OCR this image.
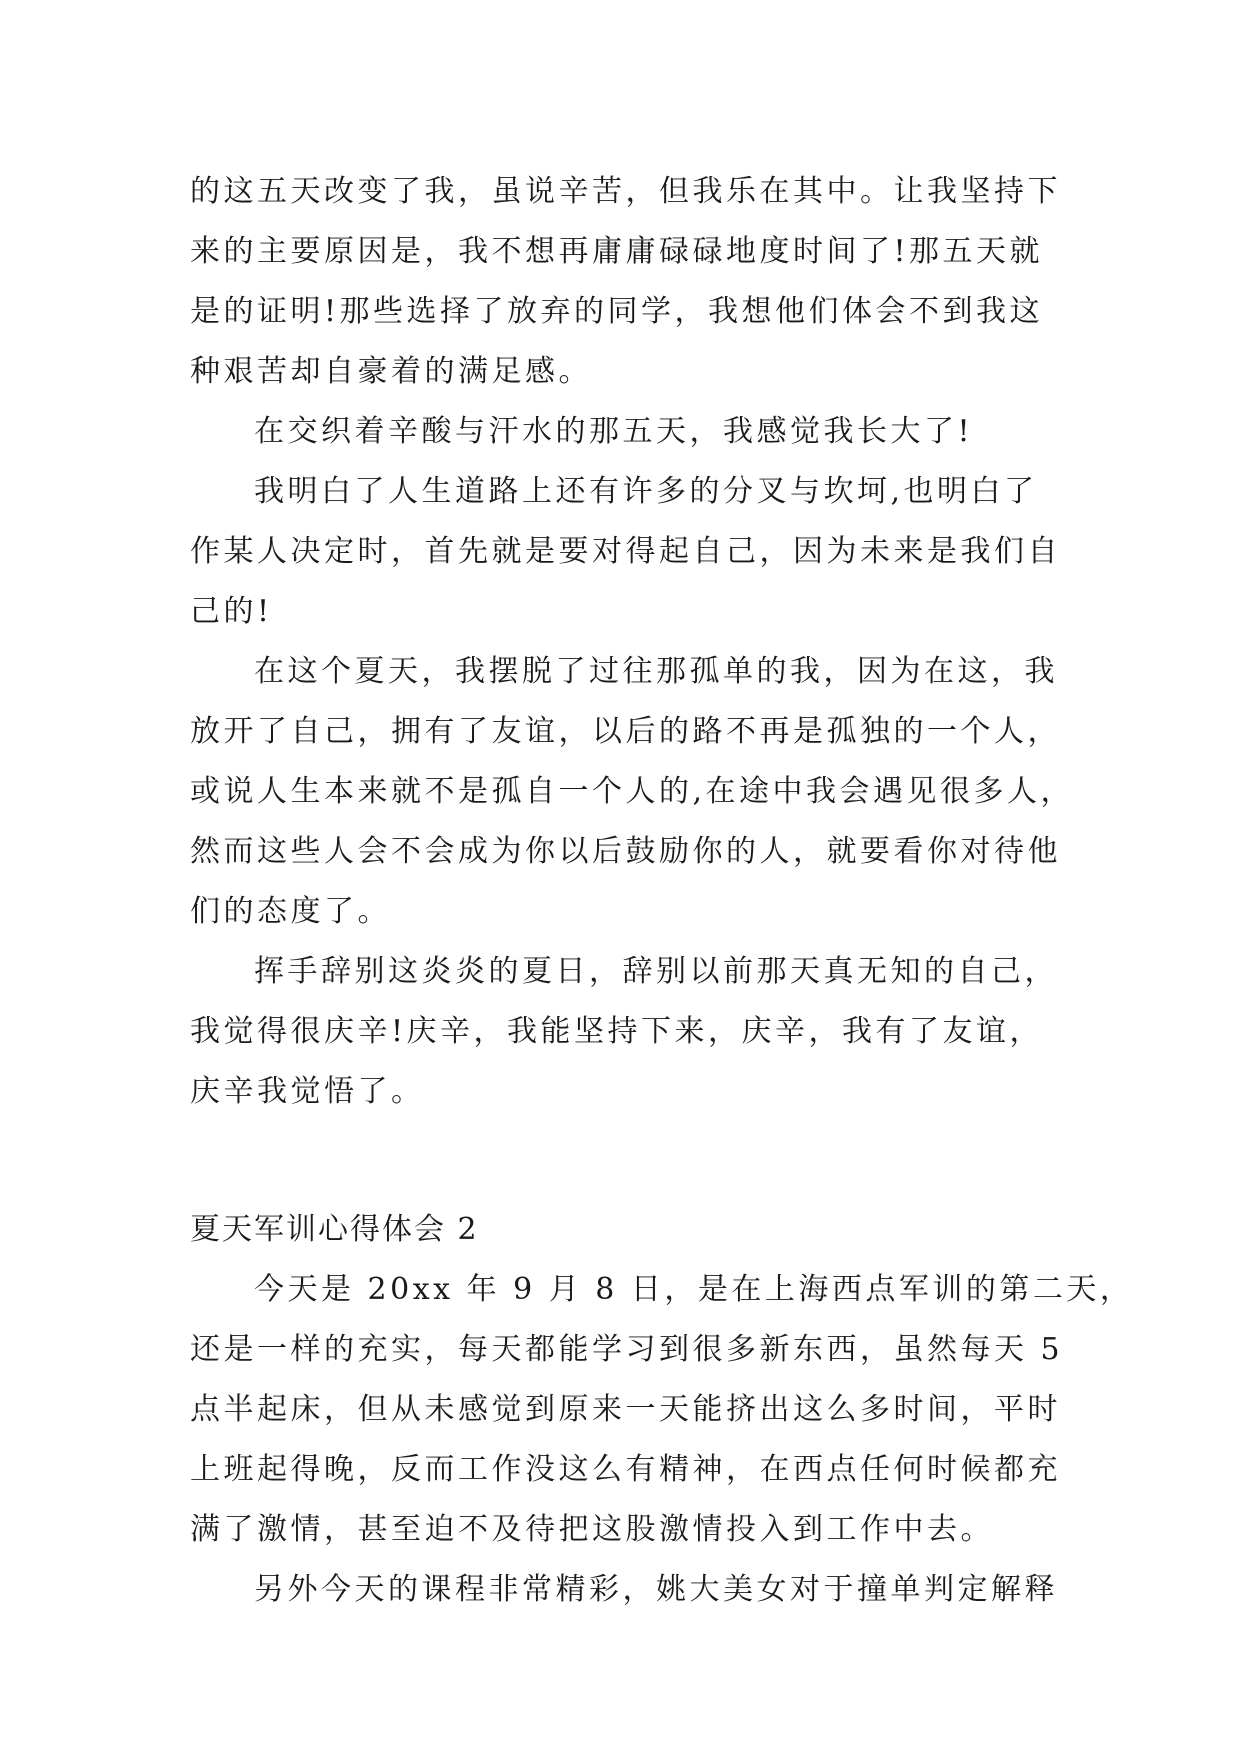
的这五天改变了我，虽说辛苦，但我乐在其中。让我坚持下
来的主要原因是，我不想再庸庸碌碌地度时间了!那五天就
是的证明!那些选择了放弃的同学，我想他们体会不到我这
种艰苦却自豪着的满足感。
在交织着辛酸与汗水的那五天，我感觉我长大了!
我明白了人生道路上还有许多的分叉与坎坷,也明白了
作某人决定时，首先就是要对得起自己，因为未来是我们自
己的!
在这个夏天，我摆脱了过往那孤单的我，因为在这，我
放开了自己，拥有了友谊，以后的路不再是孤独的一个人，
或说人生本来就不是孤自一个人的,在途中我会遇见很多人，
然而这些人会不会成为你以后鼓励你的人，就要看你对待他
们的态度了。
挥手辞别这炎炎的夏日，辞别以前那天真无知的自己，
我觉得很庆辛!庆辛，我能坚持下来，庆辛，我有了友谊，
庆辛我觉悟了。
夏天军训心得体会 2
今天是 20xx 年 9 月 8 日，是在上海西点军训的第二天，
还是一样的充实，每天都能学习到很多新东西，虽然每天 5
点半起床，但从未感觉到原来一天能挤出这么多时间，平时
上班起得晚，反而工作没这么有精神，在西点任何时候都充
满了激情，甚至迫不及待把这股激情投入到工作中去。
另外今天的课程非常精彩，姚大美女对于撞单判定解释
